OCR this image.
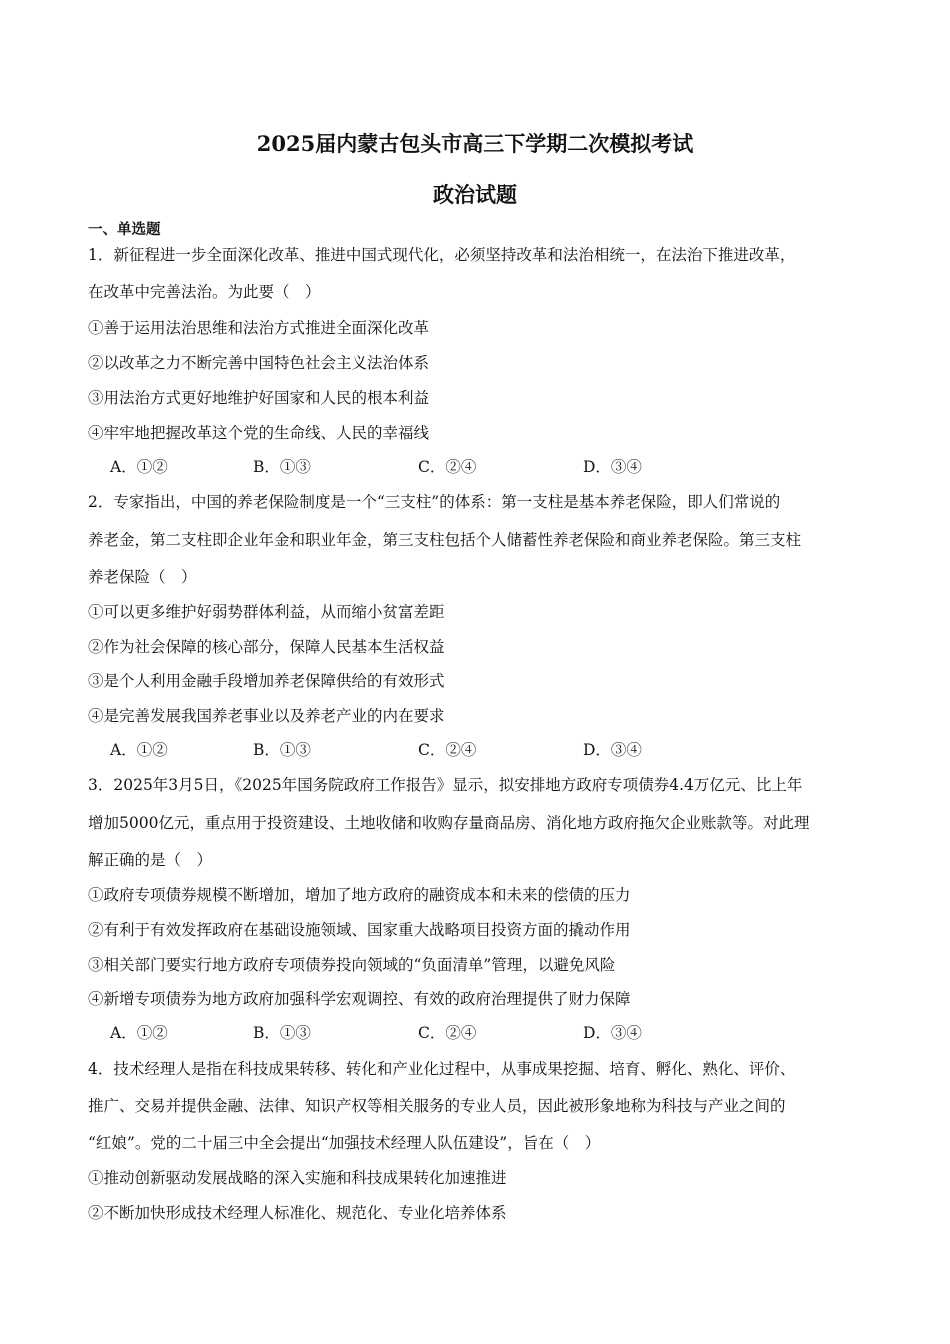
2025届内蒙古包头市高三下学期二次模拟考试
政治试题
一、单选题
1．新征程进一步全面深化改革、推进中国式现代化，必须坚持改革和法治相统一，在法治下推进改革，
在改革中完善法治。为此要（　）
①善于运用法治思维和法治方式推进全面深化改革
②以改革之力不断完善中国特色社会主义法治体系
③用法治方式更好地维护好国家和人民的根本利益
④牢牢地把握改革这个党的生命线、人民的幸福线
A．①②	B．①③	C．②④	D．③④
2．专家指出，中国的养老保险制度是一个“三支柱”的体系：第一支柱是基本养老保险，即人们常说的
养老金，第二支柱即企业年金和职业年金，第三支柱包括个人储蓄性养老保险和商业养老保险。第三支柱
养老保险（　）
①可以更多维护好弱势群体利益，从而缩小贫富差距
②作为社会保障的核心部分，保障人民基本生活权益
③是个人利用金融手段增加养老保障供给的有效形式
④是完善发展我国养老事业以及养老产业的内在要求
A．①②	B．①③	C．②④	D．③④
3．2025年3月5日，《2025年国务院政府工作报告》显示，拟安排地方政府专项债券4.4万亿元、比上年
增加5000亿元，重点用于投资建设、土地收储和收购存量商品房、消化地方政府拖欠企业账款等。对此理
解正确的是（　）
①政府专项债券规模不断增加，增加了地方政府的融资成本和未来的偿债的压力
②有利于有效发挥政府在基础设施领域、国家重大战略项目投资方面的撬动作用
③相关部门要实行地方政府专项债券投向领域的“负面清单”管理，以避免风险
④新增专项债券为地方政府加强科学宏观调控、有效的政府治理提供了财力保障
A．①②	B．①③	C．②④	D．③④
4．技术经理人是指在科技成果转移、转化和产业化过程中，从事成果挖掘、培育、孵化、熟化、评价、
推广、交易并提供金融、法律、知识产权等相关服务的专业人员，因此被形象地称为科技与产业之间的
“红娘”。党的二十届三中全会提出“加强技术经理人队伍建设”，旨在（　）
①推动创新驱动发展战略的深入实施和科技成果转化加速推进
②不断加快形成技术经理人标准化、规范化、专业化培养体系
